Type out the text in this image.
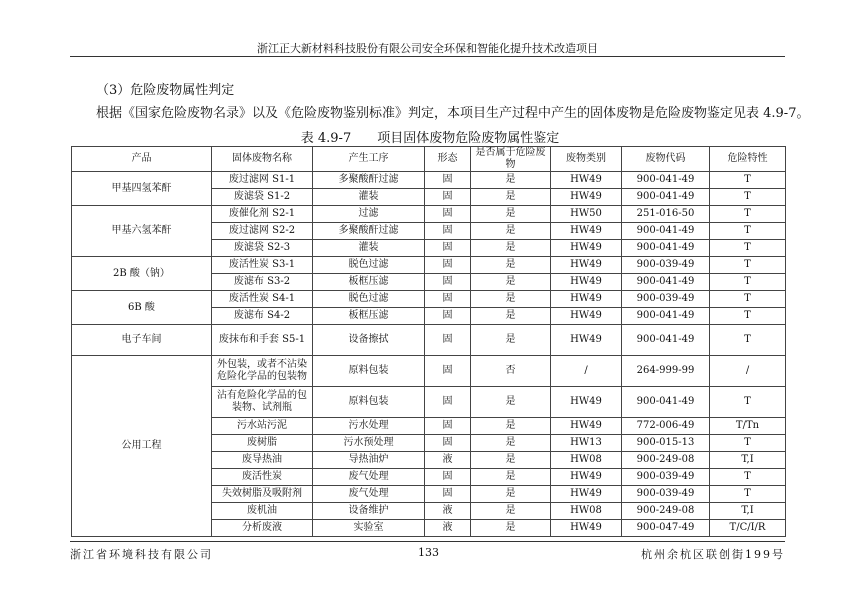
浙江正大新材料科技股份有限公司安全环保和智能化提升技术改造项目
（3）危险废物属性判定
根据《国家危险废物名录》以及《危险废物鉴别标准》判定，本项目生产过程中产生的固体废物是危险废物鉴定见表 4.9-7。
表 4.9-7　　项目固体废物危险废物属性鉴定
产品	固体废物名称	产生工序	形态	是否属于危险废物	废物类别	废物代码	危险特性
甲基四氢苯酐	废过滤网 S1-1	多聚酸酐过滤	固	是	HW49	900-041-49	T
	废滤袋 S1-2	灌装	固	是	HW49	900-041-49	T
甲基六氢苯酐	废催化剂 S2-1	过滤	固	是	HW50	251-016-50	T
	废过滤网 S2-2	多聚酸酐过滤	固	是	HW49	900-041-49	T
	废滤袋 S2-3	灌装	固	是	HW49	900-041-49	T
2B 酸（钠）	废活性炭 S3-1	脱色过滤	固	是	HW49	900-039-49	T
	废滤布 S3-2	板框压滤	固	是	HW49	900-041-49	T
6B 酸	废活性炭 S4-1	脱色过滤	固	是	HW49	900-039-49	T
	废滤布 S4-2	板框压滤	固	是	HW49	900-041-49	T
电子车间	废抹布和手套 S5-1	设备擦拭	固	是	HW49	900-041-49	T
公用工程	外包装，或者不沾染危险化学品的包装物	原料包装	固	否	/	264-999-99	/
	沾有危险化学品的包装物、试剂瓶	原料包装	固	是	HW49	900-041-49	T
	污水站污泥	污水处理	固	是	HW49	772-006-49	T/Tn
	废树脂	污水预处理	固	是	HW13	900-015-13	T
	废导热油	导热油炉	液	是	HW08	900-249-08	T,I
	废活性炭	废气处理	固	是	HW49	900-039-49	T
	失效树脂及吸附剂	废气处理	固	是	HW49	900-039-49	T
	废机油	设备维护	液	是	HW08	900-249-08	T,I
	分析废液	实验室	液	是	HW49	900-047-49	T/C/I/R
浙江省环境科技有限公司	133	杭州余杭区联创街199号
